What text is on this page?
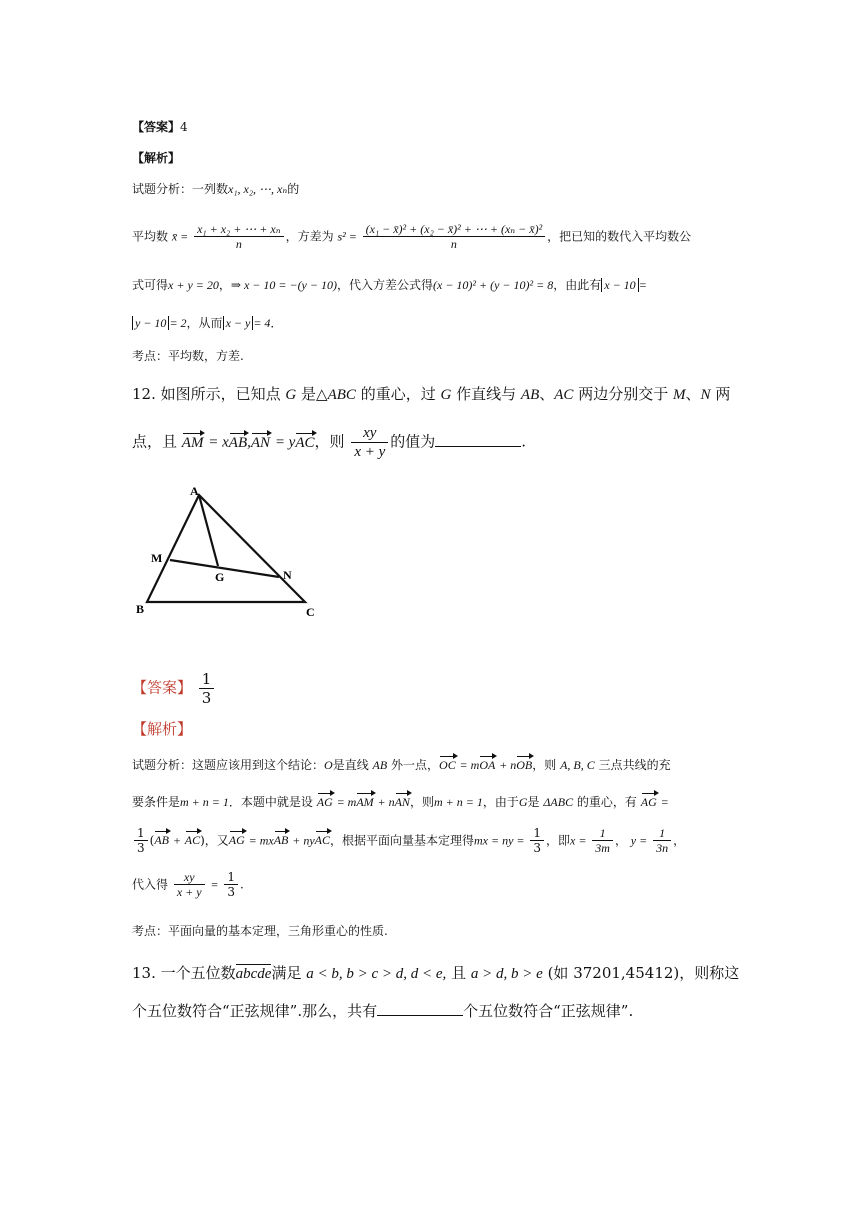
【答案】4
【解析】
试题分析：一列数x₁, x₂, ⋯, xₙ的
平均数 x̄ = $\frac{\text{x₁ + x₂ + ⋯ + xₙ}}{n}$ ，方差为 $s^2 = \frac{\text{(x₁ − x̄)² + (x₂ − x̄)² + ⋯ + (xₙ − x̄)²}}{n}$ ，把已知的数代入平均数公
式可得x + y = 20，⇒ x − 10 = −(y − 10)，代入方差公式得(x − 10)² + (y − 10)² = 8，由此有 x − 10 =
y − 10 = 2，从而 x − y = 4．
考点：平均数，方差.
12. 如图所示，已知点 G 是△ABC 的重心，过 G 作直线与 AB、AC 两边分别交于 M、N 两
点，且 AM = xAB,AN = yAC，则 $\frac{xy}{x + y}$ 的值为	.
A
B	C
M
N
G
【答案】 $\frac{1}{3}$
【解析】
试题分析：这题应该用到这个结论：O是直线 AB 外一点，OC = mOA + nOB，则 A, B, C 三点共线的充
要条件是m + n = 1．本题中就是设 AG = mAM + nAN，则m + n = 1，由于G是 ΔABC 的重心，有 AG =
$\frac{1}{3} (AB + AC)$，又AG = mxAB + nyAC，根据平面向量基本定理得mx = ny = $\frac{1}{3}$ ，即$x = \frac{1}{3m}$ ， $y = \frac{1}{3n}$ ，
代入得 $\frac{xy}{x + y} = \frac{1}{3}$ .
考点：平面向量的基本定理，三角形重心的性质.
13. 一个五位数abcde满足 a < b, b > c > d, d < e, 且 a > d, b > e (如 37201,45412)，则称这
个五位数符合“正弦规律”.那么，共有	个五位数符合“正弦规律”.
